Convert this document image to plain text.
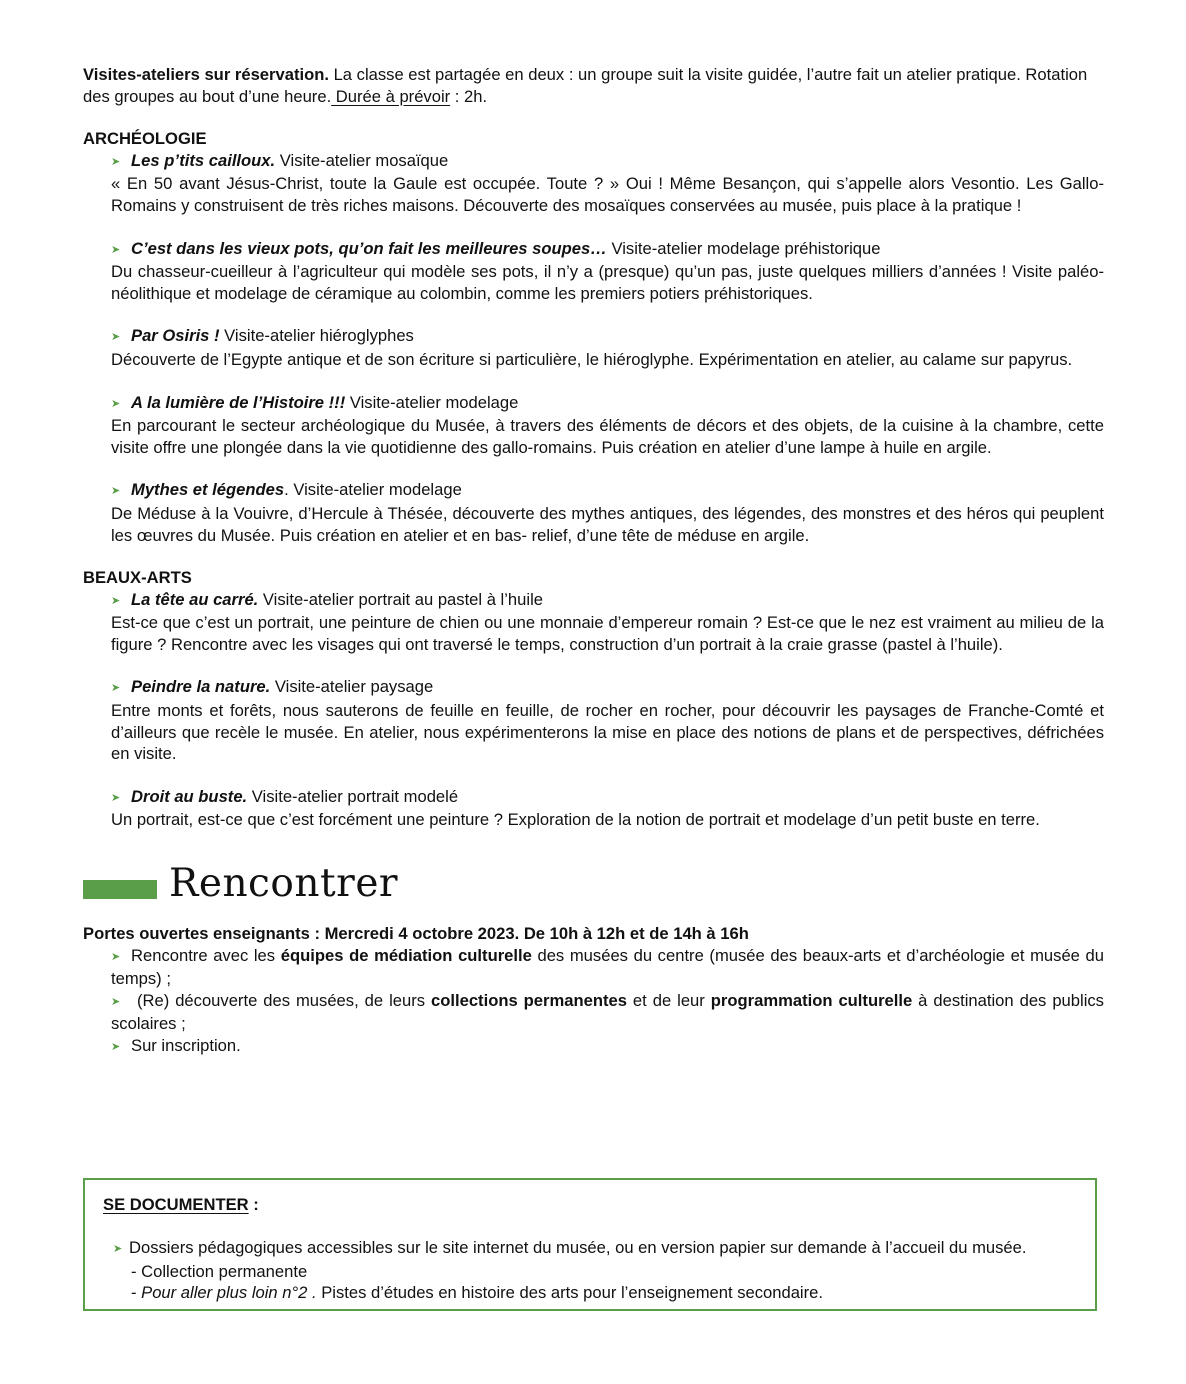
Visites-ateliers sur réservation. La classe est partagée en deux : un groupe suit la visite guidée, l’autre fait un atelier pratique. Rotation des groupes au bout d’une heure. Durée à prévoir : 2h.

ARCHÉOLOGIE
➤ Les p’tits cailloux. Visite-atelier mosaïque
« En 50 avant Jésus-Christ, toute la Gaule est occupée. Toute ? » Oui ! Même Besançon, qui s’appelle alors Vesontio. Les Gallo-Romains y construisent de très riches maisons. Découverte des mosaïques conservées au musée, puis place à la pratique !
➤ C’est dans les vieux pots, qu’on fait les meilleures soupes… Visite-atelier modelage préhistorique
Du chasseur-cueilleur à l’agriculteur qui modèle ses pots, il n’y a (presque) qu’un pas, juste quelques milliers d’années ! Visite paléo-néolithique et modelage de céramique au colombin, comme les premiers potiers préhistoriques.
➤ Par Osiris ! Visite-atelier hiéroglyphes
Découverte de l’Egypte antique et de son écriture si particulière, le hiéroglyphe. Expérimentation en atelier, au calame sur papyrus.
➤ A la lumière de l’Histoire !!! Visite-atelier modelage
En parcourant le secteur archéologique du Musée, à travers des éléments de décors et des objets, de la cuisine à la chambre, cette visite offre une plongée dans la vie quotidienne des gallo-romains. Puis création en atelier d’une lampe à huile en argile.
➤ Mythes et légendes. Visite-atelier modelage
De Méduse à la Vouivre, d’Hercule à Thésée, découverte des mythes antiques, des légendes, des monstres et des héros qui peuplent les œuvres du Musée. Puis création en atelier et en bas- relief, d’une tête de méduse en argile.
BEAUX-ARTS
➤ La tête au carré. Visite-atelier portrait au pastel à l’huile
Est-ce que c’est un portrait, une peinture de chien ou une monnaie d’empereur romain ? Est-ce que le nez est vraiment au milieu de la figure ? Rencontre avec les visages qui ont traversé le temps, construction d’un portrait à la craie grasse (pastel à l’huile).
➤ Peindre la nature. Visite-atelier paysage
Entre monts et forêts, nous sauterons de feuille en feuille, de rocher en rocher, pour découvrir les paysages de Franche-Comté et d’ailleurs que recèle le musée. En atelier, nous expérimenterons la mise en place des notions de plans et de perspectives, défrichées en visite.
➤ Droit au buste. Visite-atelier portrait modelé
Un portrait, est-ce que c’est forcément une peinture ? Exploration de la notion de portrait et modelage d’un petit buste en terre.
Rencontrer

Portes ouvertes enseignants : Mercredi 4 octobre 2023. De 10h à 12h et de 14h à 16h

➤ Rencontre avec les équipes de médiation culturelle des musées du centre (musée des beaux-arts et d’archéologie et musée du temps) ;
➤ (Re) découverte des musées, de leurs collections permanentes et de leur programmation culturelle à destination des publics scolaires ;
➤ Sur inscription.
SE DOCUMENTER :
➤ Dossiers pédagogiques accessibles sur le site internet du musée, ou en version papier sur demande à l’accueil du musée.
- Collection permanente
- Pour aller plus loin n°2 . Pistes d’études en histoire des arts pour l’enseignement secondaire.
